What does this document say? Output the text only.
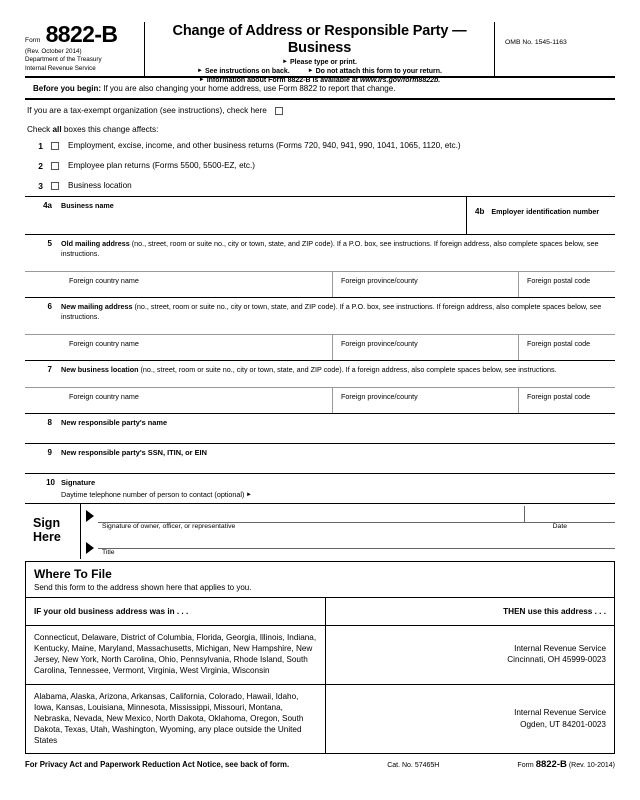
Form 8822-B
(Rev. October 2014)
Department of the Treasury
Internal Revenue Service
Change of Address or Responsible Party — Business
► Please type or print.
► See instructions on back.	► Do not attach this form to your return.
► Information about Form 8822-B is available at www.irs.gov/form8822b.
OMB No. 1545-1163
Before you begin: If you are also changing your home address, use Form 8822 to report that change.
If you are a tax-exempt organization (see instructions), check here
Check all boxes this change affects:
1	Employment, excise, income, and other business returns (Forms 720, 940, 941, 990, 1041, 1065, 1120, etc.)
2	Employee plan returns (Forms 5500, 5500-EZ, etc.)
3	Business location
4a	Business name
4b Employer identification number
5	Old mailing address (no., street, room or suite no., city or town, state, and ZIP code). If a P.O. box, see instructions. If foreign address, also complete spaces below, see instructions.
Foreign country name	Foreign province/county	Foreign postal code
6	New mailing address (no., street, room or suite no., city or town, state, and ZIP code). If a P.O. box, see instructions. If foreign address, also complete spaces below, see instructions.
Foreign country name	Foreign province/county	Foreign postal code
7	New business location (no., street, room or suite no., city or town, state, and ZIP code). If a foreign address, also complete spaces below, see instructions.
Foreign country name	Foreign province/county	Foreign postal code
8	New responsible party's name
9	New responsible party's SSN, ITIN, or EIN
10 Signature
Daytime telephone number of person to contact (optional) ►
Sign
Here
Signature of owner, officer, or representative	Date
Title
Where To File
Send this form to the address shown here that applies to you.
IF your old business address was in . . .	THEN use this address . . .
Connecticut, Delaware, District of Columbia, Florida, Georgia, Illinois, Indiana, Kentucky, Maine, Maryland, Massachusetts, Michigan, New Hampshire, New Jersey, New York, North Carolina, Ohio, Pennsylvania, Rhode Island, South Carolina, Tennessee, Vermont, Virginia, West Virginia, Wisconsin
Internal Revenue Service
Cincinnati, OH 45999-0023
Alabama, Alaska, Arizona, Arkansas, California, Colorado, Hawaii, Idaho, Iowa, Kansas, Louisiana, Minnesota, Mississippi, Missouri, Montana, Nebraska, Nevada, New Mexico, North Dakota, Oklahoma, Oregon, South Dakota, Texas, Utah, Washington, Wyoming, any place outside the United States
Internal Revenue Service
Ogden, UT 84201-0023
For Privacy Act and Paperwork Reduction Act Notice, see back of form.	Cat. No. 57465H	Form 8822-B (Rev. 10-2014)
